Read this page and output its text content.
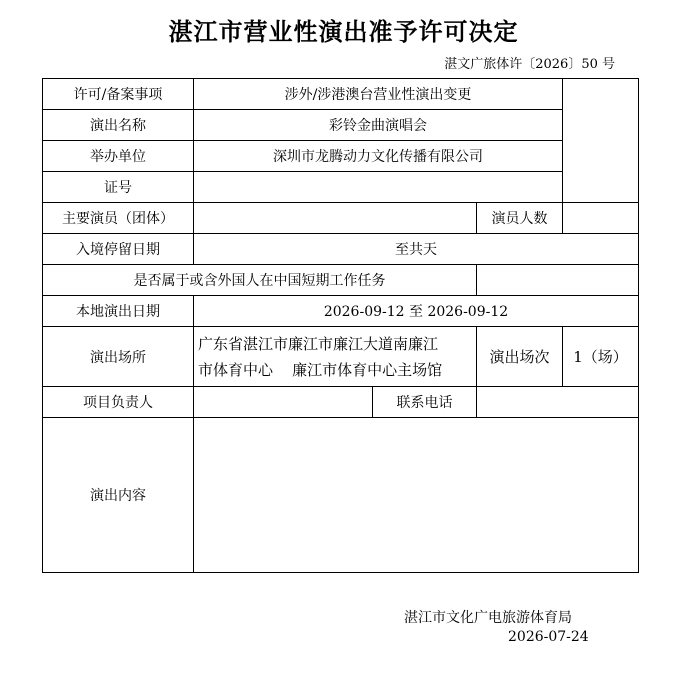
湛江市营业性演出准予许可决定
湛文广旅体许〔2026〕50 号
许可/备案事项	涉外/涉港澳台营业性演出变更			
演出名称	彩铃金曲演唱会			
举办单位	深圳市龙腾动力文化传播有限公司			
证号				
主要演员（团体）			演员人数	
入境停留日期	至共天			
是否属于或含外国人在中国短期工作任务				
本地演出日期	2026-09-12 至 2026-09-12			
演出场所	广东省湛江市廉江市廉江大道南廉江
市体育中心    廉江市体育中心主场馆		演出场次	1（场）
项目负责人		联系电话		
演出内容				
湛江市文化广电旅游体育局
2026-07-24
